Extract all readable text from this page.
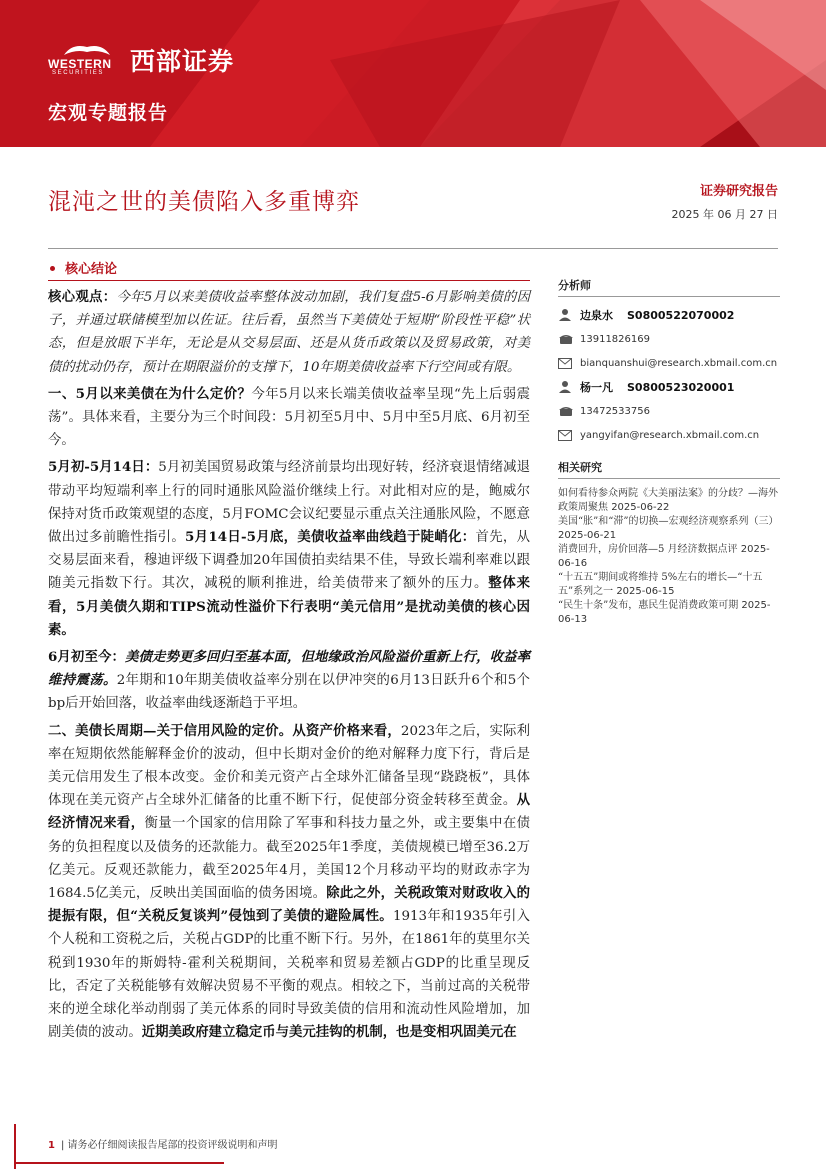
WESTERN
SECURITIES 西部证券
宏观专题报告
混沌之世的美债陷入多重博弈	证券研究报告
2025 年 06 月 27 日
核心结论

核心观点：今年5月以来美债收益率整体波动加剧，我们复盘5-6月影响美债的因子，并通过联储模型加以佐证。往后看，虽然当下美债处于短期“阶段性平稳”状态，但是放眼下半年，无论是从交易层面、还是从货币政策以及贸易政策，对美债的扰动仍存，预计在期限溢价的支撑下，10年期美债收益率下行空间或有限。

一、5月以来美债在为什么定价？今年5月以来长端美债收益率呈现“先上后弱震荡”。具体来看，主要分为三个时间段：5月初至5月中、5月中至5月底、6月初至今。

5月初-5月14日：5月初美国贸易政策与经济前景均出现好转，经济衰退情绪减退带动平均短端利率上行的同时通胀风险溢价继续上行。对此相对应的是，鲍威尔保持对货币政策观望的态度，5月FOMC会议纪要显示重点关注通胀风险，不愿意做出过多前瞻性指引。5月14日-5月底，美债收益率曲线趋于陡峭化：首先，从交易层面来看，穆迪评级下调叠加20年国债拍卖结果不佳，导致长端利率难以跟随美元指数下行。其次，减税的顺利推进，给美债带来了额外的压力。整体来看，5月美债久期和TIPS流动性溢价下行表明“美元信用”是扰动美债的核心因素。

6月初至今：美债走势更多回归至基本面，但地缘政治风险溢价重新上行，收益率维持震荡。2年期和10年期美债收益率分别在以伊冲突的6月13日跃升6个和5个bp后开始回落，收益率曲线逐渐趋于平坦。

二、美债长周期—关于信用风险的定价。从资产价格来看，2023年之后，实际利率在短期依然能解释金价的波动，但中长期对金价的绝对解释力度下行，背后是美元信用发生了根本改变。金价和美元资产占全球外汇储备呈现“跷跷板”，具体体现在美元资产占全球外汇储备的比重不断下行，促使部分资金转移至黄金。从经济情况来看，衡量一个国家的信用除了军事和科技力量之外，或主要集中在债务的负担程度以及债务的还款能力。截至2025年1季度，美债规模已增至36.2万亿美元。反观还款能力，截至2025年4月，美国12个月移动平均的财政赤字为1684.5亿美元，反映出美国面临的债务困境。除此之外，关税政策对财政收入的提振有限，但“关税反复谈判”侵蚀到了美债的避险属性。1913年和1935年引入个人税和工资税之后，关税占GDP的比重不断下行。另外，在1861年的莫里尔关税到1930年的斯姆特-霍利关税期间，关税率和贸易差额占GDP的比重呈现反比，否定了关税能够有效解决贸易不平衡的观点。相较之下，当前过高的关税带来的逆全球化举动削弱了美元体系的同时导致美债的信用和流动性风险增加，加剧美债的波动。近期美政府建立稳定币与美元挂钩的机制，也是变相巩固美元在

分析师
边泉水 S0800522070002
13911826169
bianquanshui@research.xbmail.com.cn
杨一凡 S0800523020001
13472533756
yangyifan@research.xbmail.com.cn
相关研究
如何看待参众两院《大美丽法案》的分歧？—海外政策周聚焦 2025-06-22
美国“胀”和“滞”的切换—宏观经济观察系列（三） 2025-06-21
消费回升，房价回落—5 月经济数据点评 2025-06-16
“十五五”期间或将维持 5%左右的增长—“十五五”系列之一 2025-06-15
“民生十条”发布，惠民生促消费政策可期 2025-06-13
1 | 请务必仔细阅读报告尾部的投资评级说明和声明
